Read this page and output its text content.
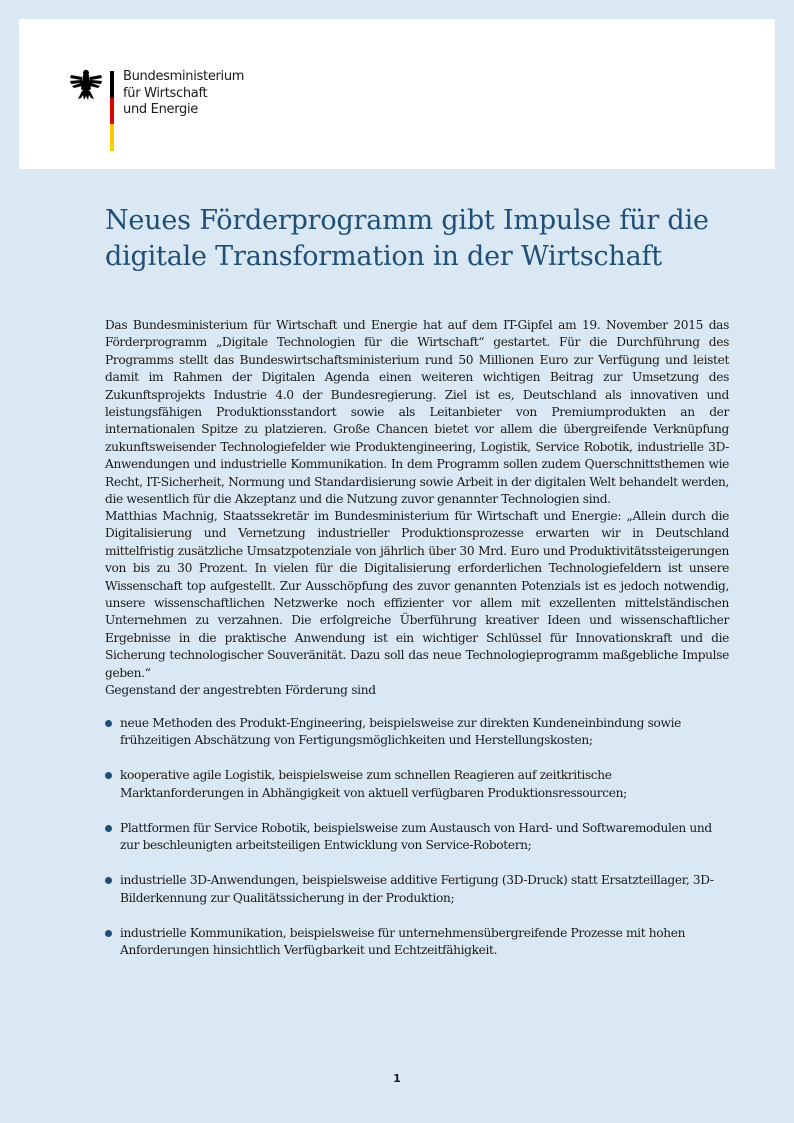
Bundesministerium
für Wirtschaft
und Energie
Neues Förderprogramm gibt Impulse für die digitale Transformation in der Wirtschaft

Das Bundesministerium für Wirtschaft und Energie hat auf dem IT-Gipfel am 19. November 2015 das Förderprogramm „Digitale Technologien für die Wirtschaft“ gestartet. Für die Durchführung des Programms stellt das Bundeswirtschaftsministerium rund 50 Millionen Euro zur Verfügung und leistet damit im Rahmen der Digitalen Agenda einen weiteren wichtigen Beitrag zur Umsetzung des Zukunftsprojekts Industrie 4.0 der Bundesregierung. Ziel ist es, Deutschland als innovativen und leistungsfähigen Produktionsstandort sowie als Leitanbieter von Premiumprodukten an der internationalen Spitze zu platzieren. Große Chancen bietet vor allem die übergreifende Verknüpfung zukunftsweisender Technologiefelder wie Produktengineering, Logistik, Service Robotik, industrielle 3D-Anwendungen und industrielle Kommunikation. In dem Programm sollen zudem Querschnittsthemen wie Recht, IT-Sicherheit, Normung und Standardisierung sowie Arbeit in der digitalen Welt behandelt werden, die wesentlich für die Akzeptanz und die Nutzung zuvor genannter Technologien sind.

Matthias Machnig, Staatssekretär im Bundesministerium für Wirtschaft und Energie: „Allein durch die Digitalisierung und Vernetzung industrieller Produktionsprozesse erwarten wir in Deutschland mittelfristig zusätzliche Umsatzpotenziale von jährlich über 30 Mrd. Euro und Produktivitätssteigerungen von bis zu 30 Prozent. In vielen für die Digitalisierung erforderlichen Technologiefeldern ist unsere Wissenschaft top aufgestellt. Zur Ausschöpfung des zuvor genannten Potenzials ist es jedoch notwendig, unsere wissenschaftlichen Netzwerke noch effizienter vor allem mit exzellenten mittelständischen Unternehmen zu verzahnen. Die erfolgreiche Überführung kreativer Ideen und wissenschaftlicher Ergebnisse in die praktische Anwendung ist ein wichtiger Schlüssel für Innovationskraft und die Sicherung technologischer Souveränität. Dazu soll das neue Technologieprogramm maßgebliche Impulse geben.“

Gegenstand der angestrebten Förderung sind

neue Methoden des Produkt-Engineering, beispielsweise zur direkten Kundeneinbindung sowie frühzeitigen Abschätzung von Fertigungsmöglichkeiten und Herstellungskosten;
kooperative agile Logistik, beispielsweise zum schnellen Reagieren auf zeitkritische Marktanforderungen in Abhängigkeit von aktuell verfügbaren Produktionsressourcen;
Plattformen für Service Robotik, beispielsweise zum Austausch von Hard- und Softwaremodulen und zur beschleunigten arbeitsteiligen Entwicklung von Service-Robotern;
industrielle 3D-Anwendungen, beispielsweise additive Fertigung (3D-Druck) statt Ersatzteillager, 3D-Bilderkennung zur Qualitätssicherung in der Produktion;
industrielle Kommunikation, beispielsweise für unternehmensübergreifende Prozesse mit hohen Anforderungen hinsichtlich Verfügbarkeit und Echtzeitfähigkeit.
1
